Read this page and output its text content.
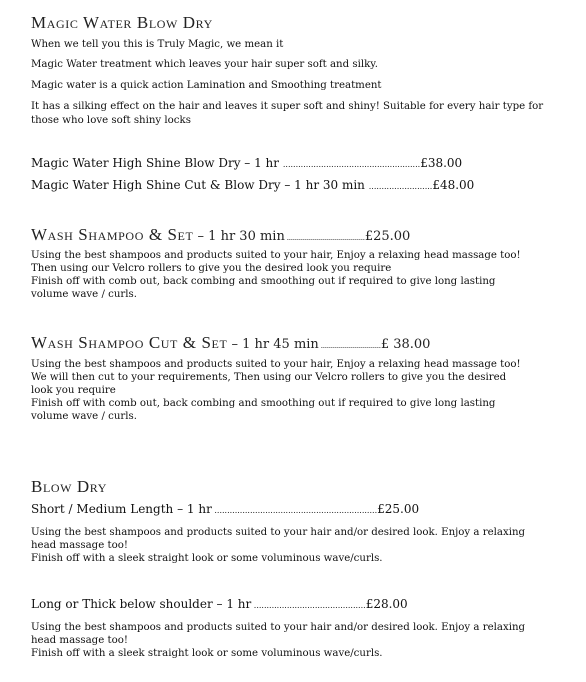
Magic Water Blow Dry
When we tell you this is Truly Magic, we mean it
Magic Water treatment which leaves your hair super soft and silky.
Magic water is a quick action Lamination and Smoothing treatment
It has a silking effect on the hair and leaves it super soft and shiny! Suitable for every hair type for
those who love soft shiny locks
Magic Water High Shine Blow Dry – 1 hr ......................................................£38.00
Magic Water High Shine Cut & Blow Dry – 1 hr 30 min .........................£48.00
Wash Shampoo & Set – 1 hr 30 min .......................................£25.00
Using the best shampoos and products suited to your hair, Enjoy a relaxing head massage too!
Then using our Velcro rollers to give you the desired look you require
Finish off with comb out, back combing and smoothing out if required to give long lasting
volume wave / curls.
Wash Shampoo Cut & Set – 1 hr 45 min ..............................£ 38.00
Using the best shampoos and products suited to your hair, Enjoy a relaxing head massage too!
We will then cut to your requirements, Then using our Velcro rollers to give you the desired
look you require
Finish off with comb out, back combing and smoothing out if required to give long lasting
volume wave / curls.
Blow Dry
Short / Medium Length – 1 hr ................................................................£25.00
Using the best shampoos and products suited to your hair and/or desired look. Enjoy a relaxing
head massage too!
Finish off with a sleek straight look or some voluminous wave/curls.
Long or Thick below shoulder – 1 hr ............................................£28.00
Using the best shampoos and products suited to your hair and/or desired look. Enjoy a relaxing
head massage too!
Finish off with a sleek straight look or some voluminous wave/curls.
